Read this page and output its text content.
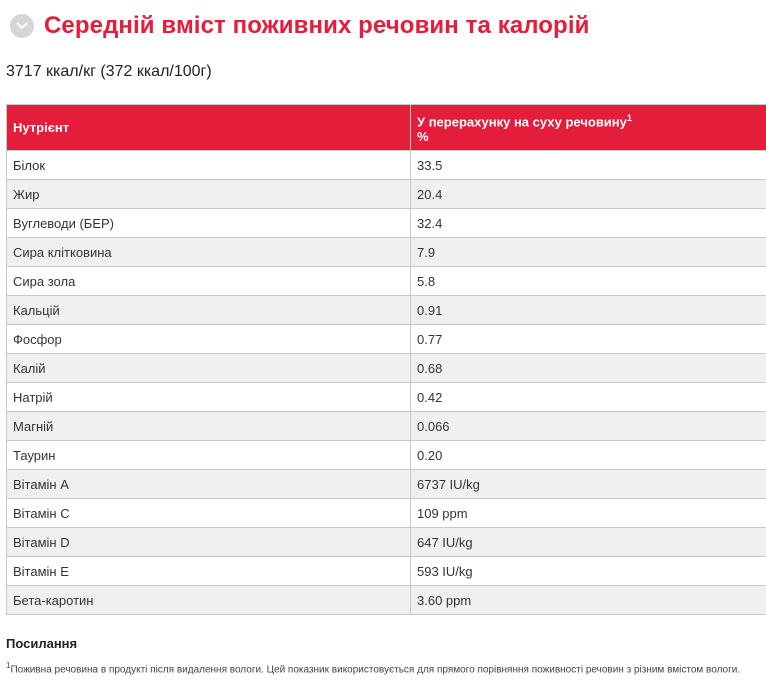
Середній вміст поживних речовин та калорій
3717 ккал/кг (372 ккал/100г)
Нутрієнт	У перерахунку на суху речовину$^1$
%
Білок	33.5
Жир	20.4
Вуглеводи (БЕР)	32.4
Сира клітковина	7.9
Сира зола	5.8
Кальцій	0.91
Фосфор	0.77
Калій	0.68
Натрій	0.42
Магній	0.066
Таурин	0.20
Вітамін A	6737 IU/kg
Вітамін C	109 ppm
Вітамін D	647 IU/kg
Вітамін E	593 IU/kg
Бета-каротин	3.60 ppm
Посилання
$^1$Поживна речовина в продукті після видалення вологи. Цей показник використовується для прямого порівняння поживності речовин з різним вмістом вологи.
